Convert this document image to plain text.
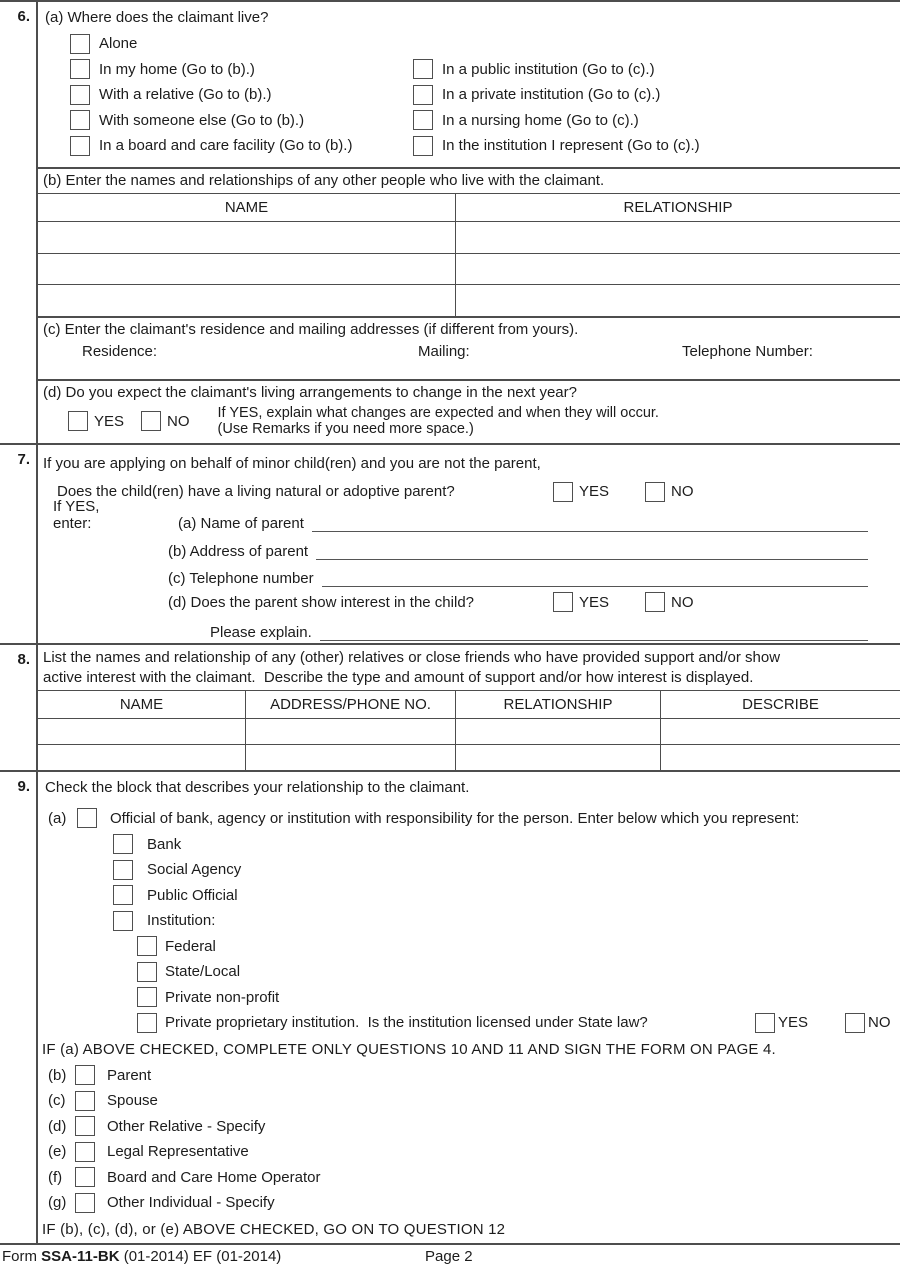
6.	(a) Where does the claimant live?
Alone
In my home (Go to (b).)
With a relative (Go to (b).)
With someone else (Go to (b).)
In a board and care facility (Go to (b).)
In a public institution (Go to (c).)
In a private institution (Go to (c).)
In a nursing home (Go to (c).)
In the institution I represent (Go to (c).)
(b) Enter the names and relationships of any other people who live with the claimant.
NAME	RELATIONSHIP
(c) Enter the claimant's residence and mailing addresses (if different from yours).
Residence:	Mailing:	Telephone Number:
(d) Do you expect the claimant's living arrangements to change in the next year?
YES	NO If YES, explain what changes are expected and when they will occur.
(Use Remarks if you need more space.)
7. If you are applying on behalf of minor child(ren) and you are not the parent,
Does the child(ren) have a living natural or adoptive parent?	YES	NO
If YES, enter:	(a) Name of parent
(b) Address of parent
(c) Telephone number
(d) Does the parent show interest in the child?	YES	NO
Please explain.
8. List the names and relationship of any (other) relatives or close friends who have provided support and/or show
active interest with the claimant.  Describe the type and amount of support and/or how interest is displayed.
NAME	ADDRESS/PHONE NO.	RELATIONSHIP	DESCRIBE
9.	Check the block that describes your relationship to the claimant.
(a)	Official of bank, agency or institution with responsibility for the person. Enter below which you represent:
Bank
Social Agency
Public Official
Institution:
Federal
State/Local
Private non-profit
Private proprietary institution.  Is the institution licensed under State law?	YES	NO
IF (a) ABOVE CHECKED, COMPLETE ONLY QUESTIONS 10 AND 11 AND SIGN THE FORM ON PAGE 4.
(b)	Parent
(c)	Spouse
(d)	Other Relative - Specify
(e)	Legal Representative
(f)	Board and Care Home Operator
(g)	Other Individual - Specify
IF (b), (c), (d), or (e) ABOVE CHECKED, GO ON TO QUESTION 12
Form SSA-11-BK (01-2014) EF (01-2014)	Page 2
